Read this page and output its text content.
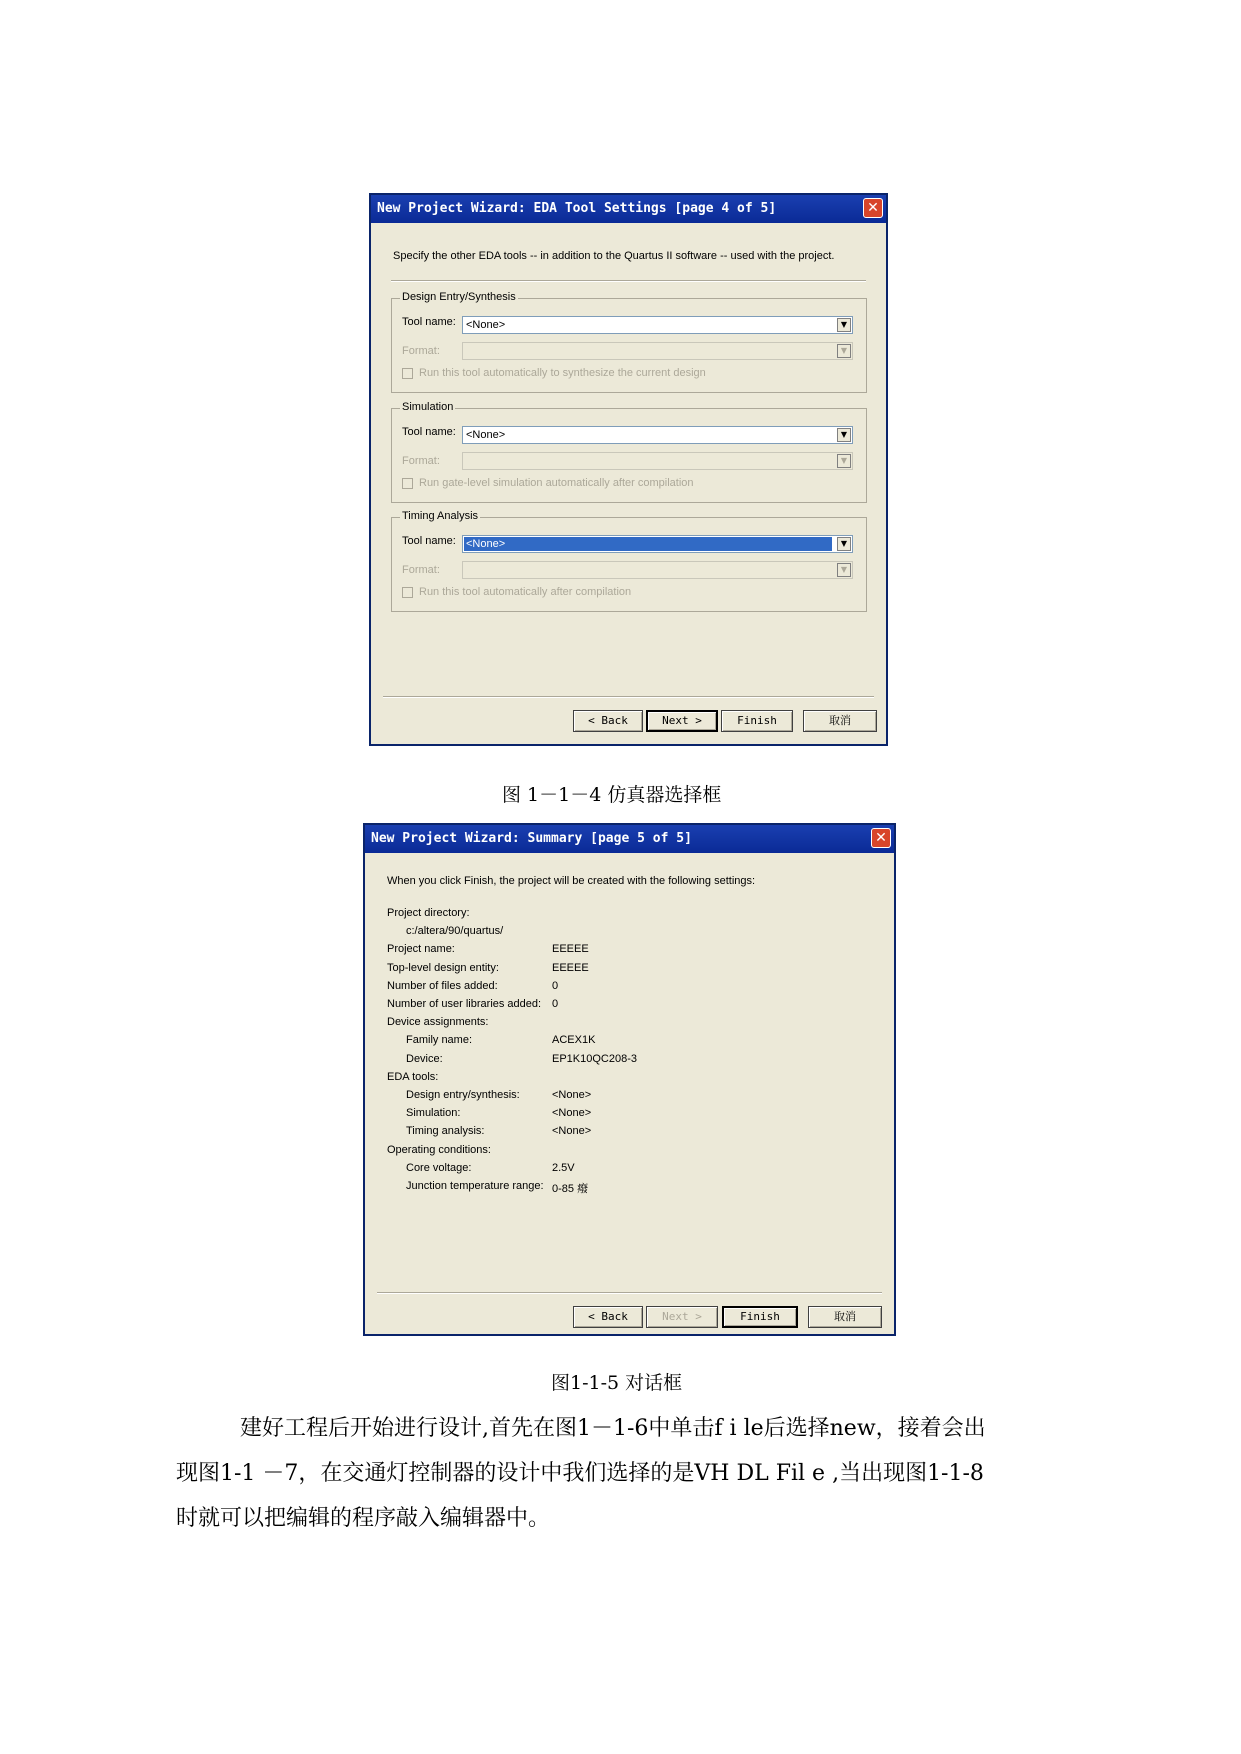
New Project Wizard: EDA Tool Settings [page 4 of 5]	✕
Specify the other EDA tools -- in addition to the Quartus II software -- used with the project.
Design Entry/Synthesis
Tool name: <None>	▼
Format:	▼
Run this tool automatically to synthesize the current design
Simulation
Tool name: <None>	▼
Format:	▼
Run gate-level simulation automatically after compilation
Timing Analysis
Tool name: <None>	▼
Format:	▼
Run this tool automatically after compilation
< Back	Next >	Finish	取消
图 1－1－4 仿真器选择框
New Project Wizard: Summary [page 5 of 5]	✕
When you click Finish, the project will be created with the following settings:
Project directory:
c:/altera/90/quartus/
Project name:	EEEEE
Top-level design entity:	EEEEE
Number of files added:	0
Number of user libraries added: 0
Device assignments:
Family name:	ACEX1K
Device:	EP1K10QC208-3
EDA tools:
Design entry/synthesis:	<None>
Simulation:	<None>
Timing analysis:	<None>
Operating conditions:
Core voltage:	2.5V
Junction temperature range: 0-85 癈
< Back	Next >	Finish	取消
图1-1-5 对话框
建好工程后开始进行设计,首先在图1－1-6中单击f i le后选择new，接着会出
现图1-1 －7，在交通灯控制器的设计中我们选择的是VH DL Fil e ,当出现图1-1-8
时就可以把编辑的程序敲入编辑器中。
